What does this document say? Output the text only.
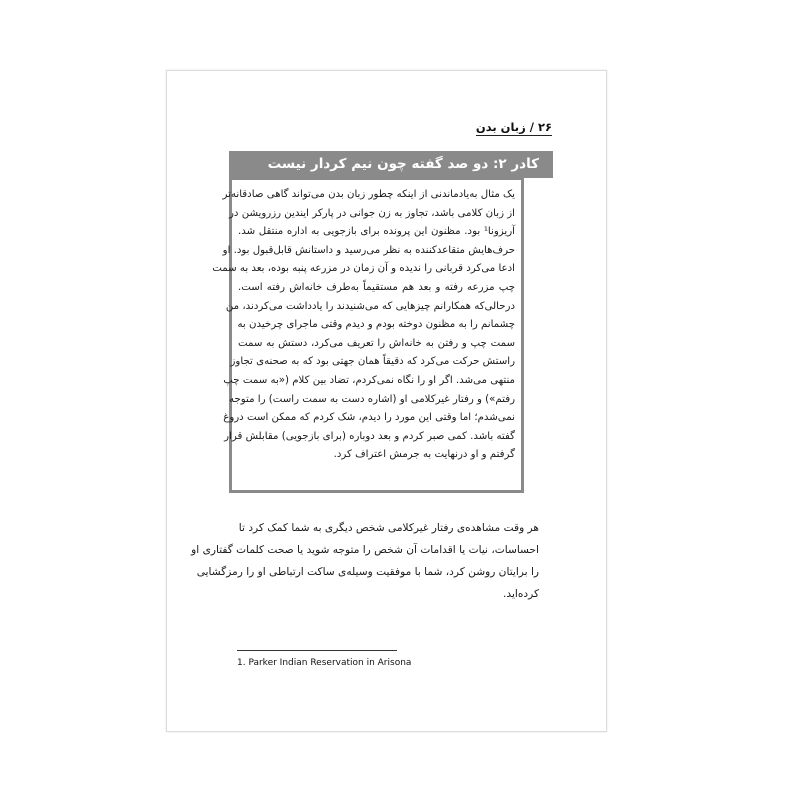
۲۶ / زبان بدن
کادر ۲: دو صد گفته چون نیم کردار نیست
یک مثال به‌یادماندنی از اینکه چطور زبان بدن می‌تواند گاهی صادقانه‌تر
از زبان کلامی باشد، تجاوز به زن جوانی در پارکر ایندین رزرویشن در
آریزونا¹ بود. مظنون این پرونده برای بازجویی به اداره منتقل شد.
حرف‌هایش متقاعدکننده به نظر می‌رسید و داستانش قابل‌قبول بود. او
ادعا می‌کرد قربانی را ندیده و آن زمان در مزرعه پنبه بوده، بعد به سمت
چپ مزرعه رفته و بعد هم مستقیماً به‌طرف خانه‌اش رفته است.
درحالی‌که همکارانم چیزهایی که می‌شنیدند را یادداشت می‌کردند، من
چشمانم را به مظنون دوخته بودم و دیدم وقتی ماجرای چرخیدن به
سمت چپ و رفتن به خانه‌اش را تعریف می‌کرد، دستش به سمت
راستش حرکت می‌کرد که دقیقاً همان جهتی بود که به صحنه‌ی تجاوز
منتهی می‌شد. اگر او را نگاه نمی‌کردم، تضاد بین کلام («به سمت چپ
رفتم») و رفتار غیرکلامی او (اشاره دست به سمت راست) را متوجه
نمی‌شدم؛ اما وقتی این مورد را دیدم، شک کردم که ممکن است دروغ
گفته باشد. کمی صبر کردم و بعد دوباره (برای بازجویی) مقابلش قرار
گرفتم و او درنهایت به جرمش اعتراف کرد.
هر وقت مشاهده‌ی رفتار غیرکلامی شخص دیگری به شما کمک کرد تا
احساسات، نیات یا اقدامات آن شخص را متوجه شوید یا صحت کلمات گفتاری او
را برایتان روشن کرد، شما با موفقیت وسیله‌ی ساکت ارتباطی او را رمزگشایی
کرده‌اید.
1. Parker Indian Reservation in Arisona
